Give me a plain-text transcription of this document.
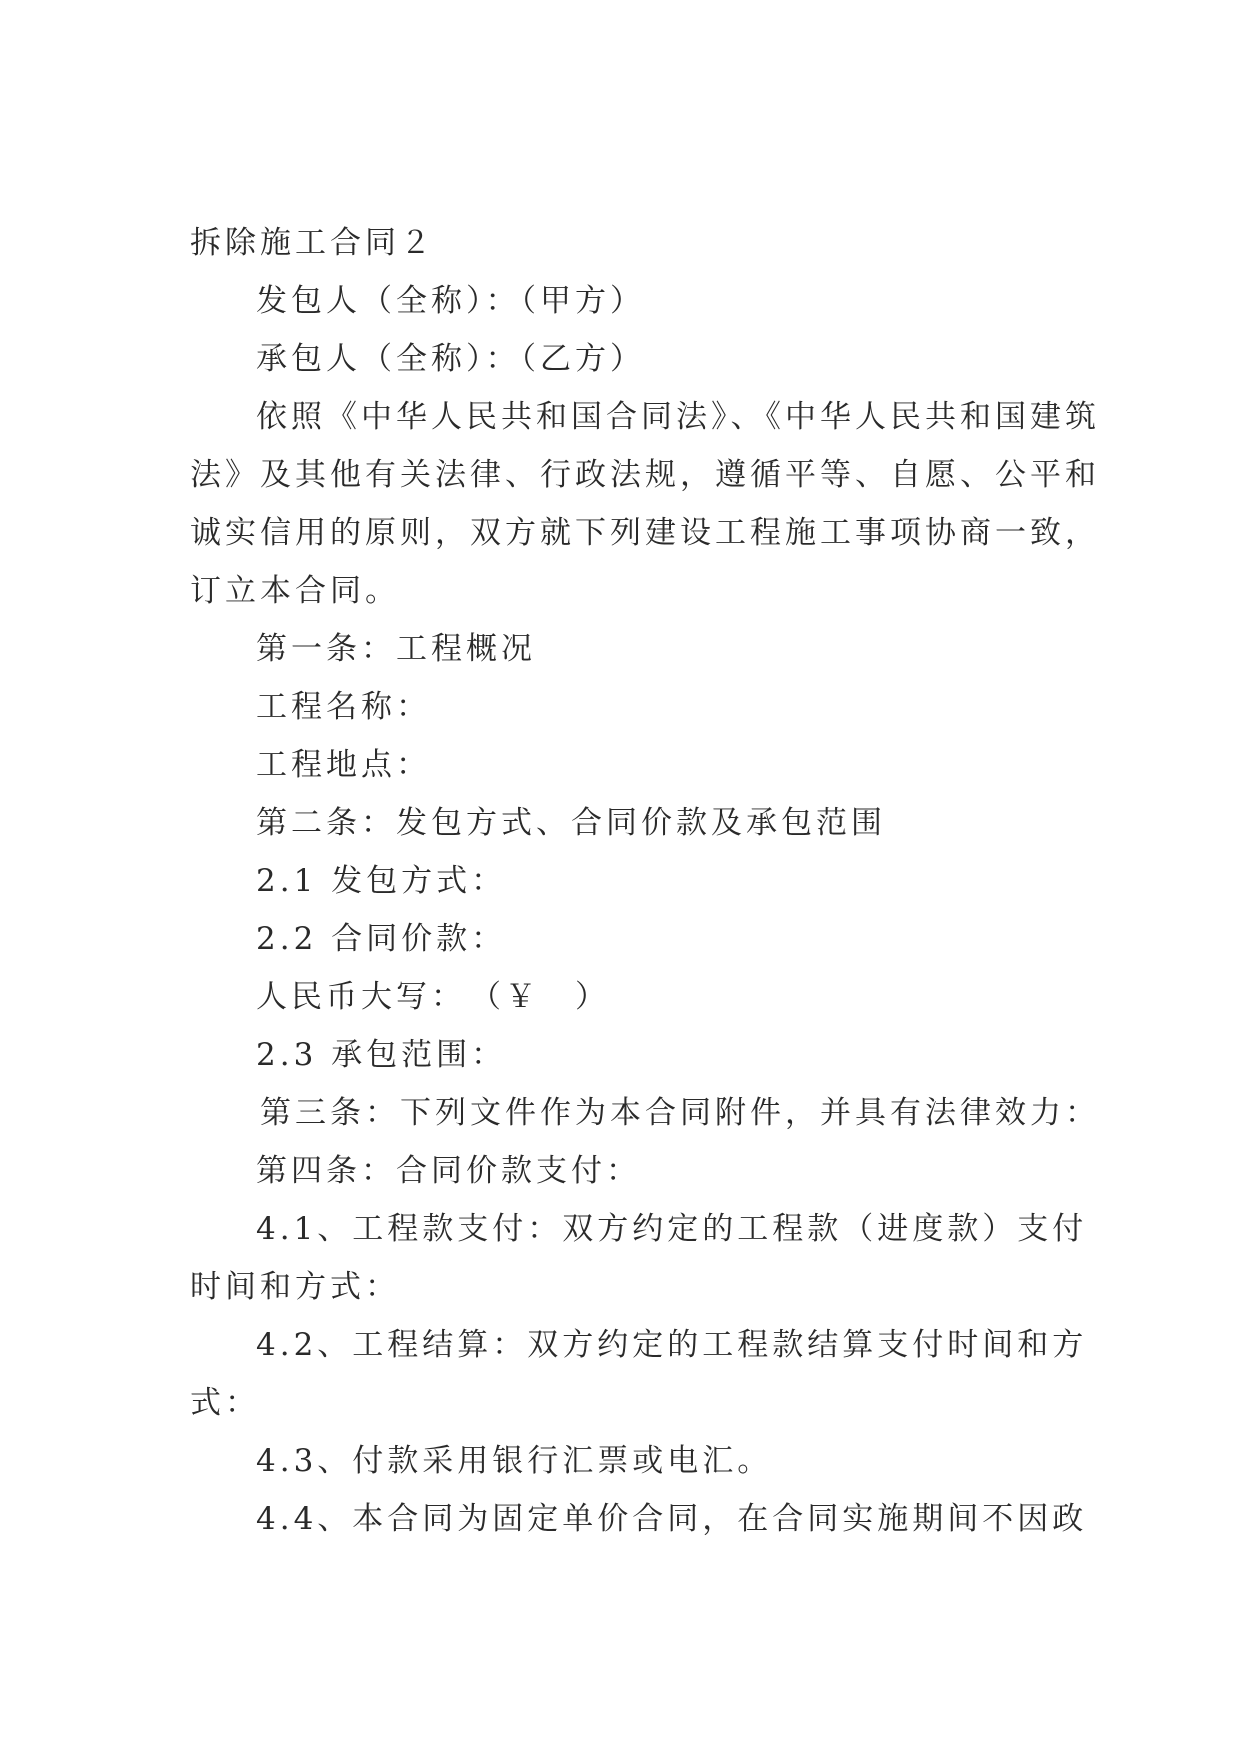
拆除施工合同２
发包人（全称）：（甲方）
承包人（全称）：（乙方）
依照《中华人民共和国合同法》、《中华人民共和国建筑
法》及其他有关法律、行政法规，遵循平等、自愿、公平和
诚实信用的原则，双方就下列建设工程施工事项协商一致，
订立本合同。
第一条：工程概况
工程名称：
工程地点：
第二条：发包方式、合同价款及承包范围
2.1 发包方式：
2.2 合同价款：
人民币大写：　（￥　）
2.3 承包范围：
第三条：下列文件作为本合同附件，并具有法律效力：
第四条：合同价款支付：
4.1、工程款支付：双方约定的工程款（进度款）支付
时间和方式：
4.2、工程结算：双方约定的工程款结算支付时间和方
式：
4.3、付款采用银行汇票或电汇。
4.4、本合同为固定单价合同，在合同实施期间不因政
